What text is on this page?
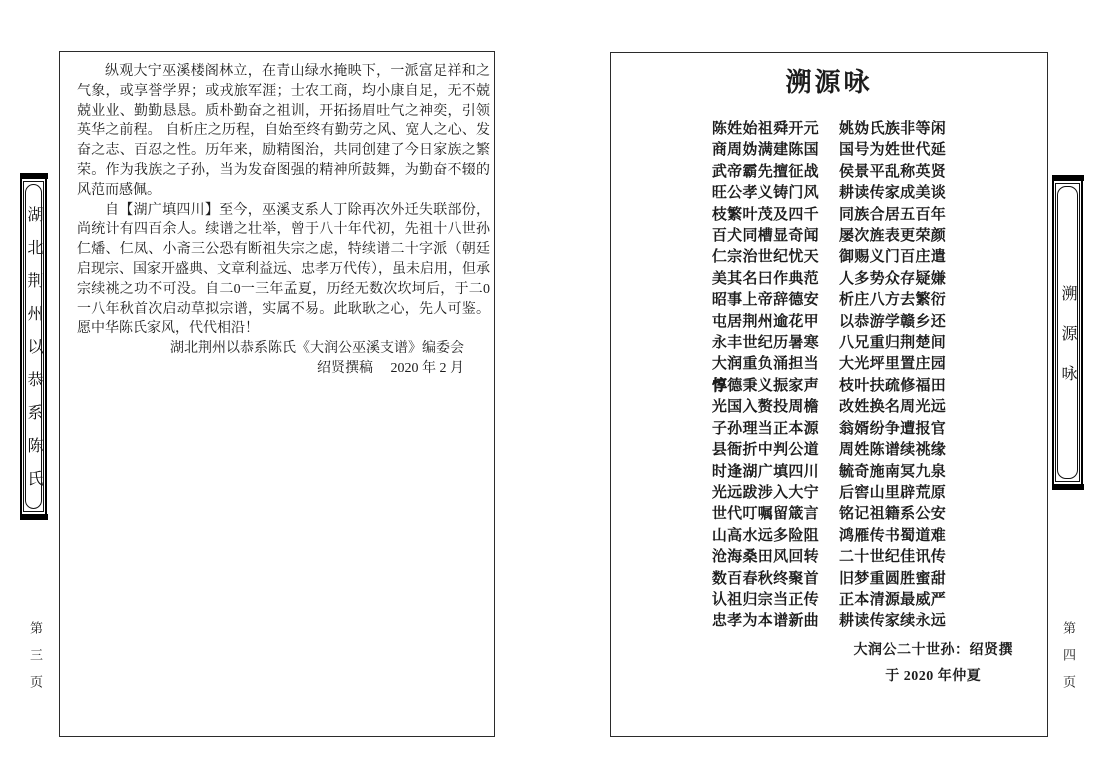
湖北荆州以恭系陈氏
第三页

纵观大宁巫溪楼阁林立，在青山绿水掩映下，一派富足祥和之气象，或享誉学界；或戎旅军涯；士农工商，均小康自足，无不兢兢业业、勤勤恳恳。质朴勤奋之祖训，开拓扬眉吐气之神奕，引领英华之前程。 自析庄之历程，自始至终有勤劳之风、宽人之心、发奋之志、百忍之性。历年来，励精图治，共同创建了今日家族之繁荣。作为我族之子孙，当为发奋图强的精神所鼓舞，为勤奋不辍的风范而感佩。

自【湖广填四川】至今，巫溪支系人丁除再次外迁失联部份，尚统计有四百余人。续谱之壮举，曾于八十年代初，先祖十八世孙仁燔、仁凤、小斋三公恐有断祖失宗之虑，特续谱二十字派（朝廷启现宗、国家开盛典、文章利益远、忠孝万代传），虽未启用，但承宗续祧之功不可没。自二0一三年孟夏，历经无数次坎坷后，于二0一八年秋首次启动草拟宗谱，实属不易。此耿耿之心，先人可鉴。愿中华陈氏家风，代代相沿！

湖北荆州以恭系陈氏《大润公巫溪支谱》编委会

绍贤撰稿　 2020 年 2 月

溯源咏
陈姓始祖舜开元 姚妫氏族非等闲
商周妫满建陈国 国号为姓世代延
武帝霸先擅征战 侯景平乱称英贤
旺公孝义铸门风 耕读传家成美谈
枝繁叶茂及四千 同族合居五百年
百犬同槽显奇闻 屡次旌表更荣颜
仁宗治世纪忧天 御赐义门百庄遣
美其名曰作典范 人多势众存疑嫌
昭事上帝辞德安 析庄八方去繁衍
屯居荆州逾花甲 以恭游学赣乡还
永丰世纪历暑寒 八兄重归荆楚间
大润重负涌担当 大光坪里置庄园
惇德秉义振家声 枝叶扶疏修福田
光国入赘投周檐 改姓换名周光远
子孙理当正本源 翁婿纷争遭报官
县衙折中判公道 周姓陈谱续祧缘
时逢湖广填四川 毓奇施南冥九泉
光远跋涉入大宁 后窖山里辟荒原
世代叮嘱留箴言 铭记祖籍系公安
山高水远多险阻 鸿雁传书蜀道难
沧海桑田风回转 二十世纪佳讯传
数百春秋终聚首 旧梦重圆胜蜜甜
认祖归宗当正传 正本清源最威严
忠孝为本谱新曲 耕读传家续永远
大润公二十世孙：绍贤撰
于 2020 年仲夏
溯源咏
第四页
